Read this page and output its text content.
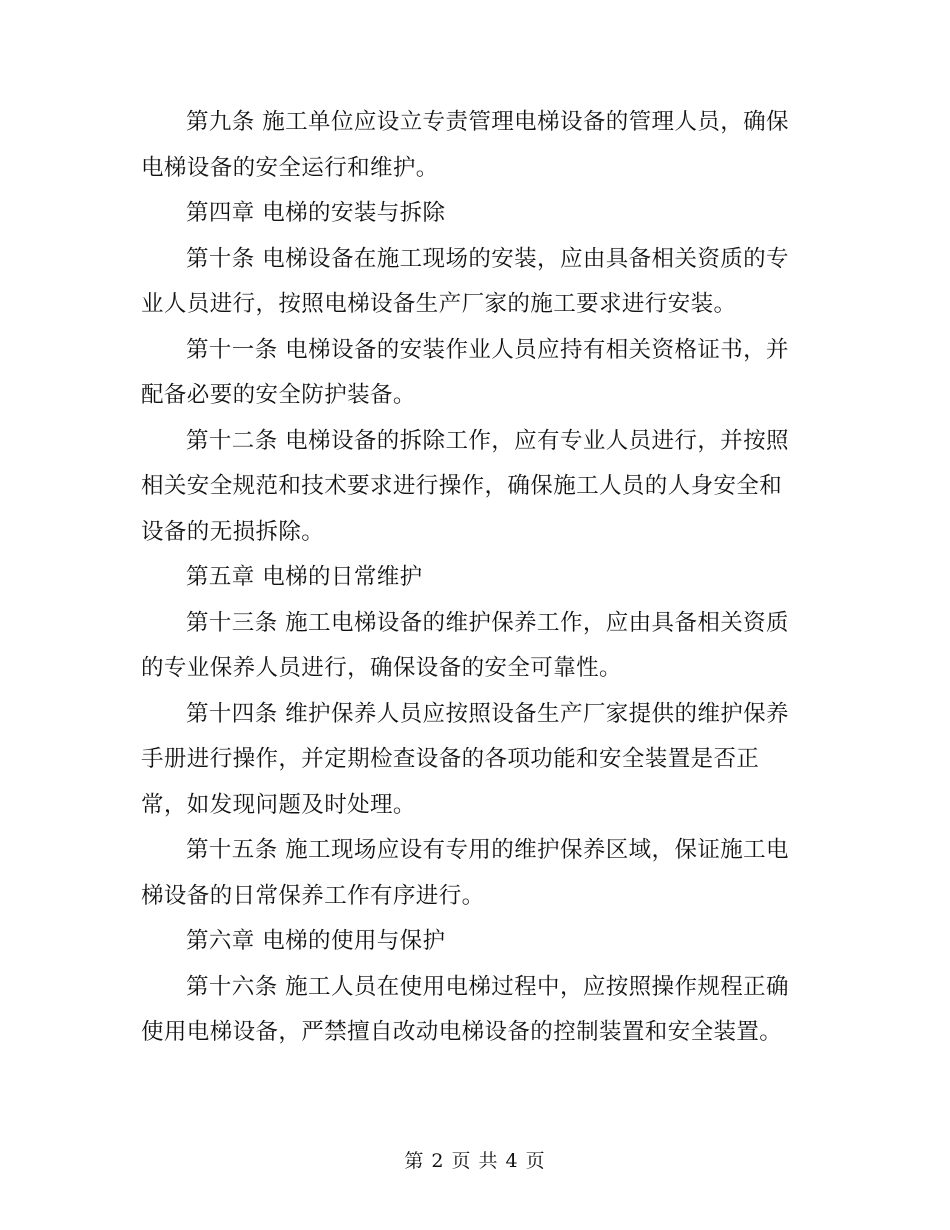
第九条 施工单位应设立专责管理电梯设备的管理人员，确保电梯设备的安全运行和维护。

第四章 电梯的安装与拆除

第十条 电梯设备在施工现场的安装，应由具备相关资质的专业人员进行，按照电梯设备生产厂家的施工要求进行安装。

第十一条 电梯设备的安装作业人员应持有相关资格证书，并配备必要的安全防护装备。

第十二条 电梯设备的拆除工作，应有专业人员进行，并按照相关安全规范和技术要求进行操作，确保施工人员的人身安全和设备的无损拆除。

第五章 电梯的日常维护

第十三条 施工电梯设备的维护保养工作，应由具备相关资质的专业保养人员进行，确保设备的安全可靠性。

第十四条 维护保养人员应按照设备生产厂家提供的维护保养手册进行操作，并定期检查设备的各项功能和安全装置是否正常，如发现问题及时处理。

第十五条 施工现场应设有专用的维护保养区域，保证施工电梯设备的日常保养工作有序进行。

第六章 电梯的使用与保护

第十六条 施工人员在使用电梯过程中，应按照操作规程正确使用电梯设备，严禁擅自改动电梯设备的控制装置和安全装置。

第 2 页 共 4 页
